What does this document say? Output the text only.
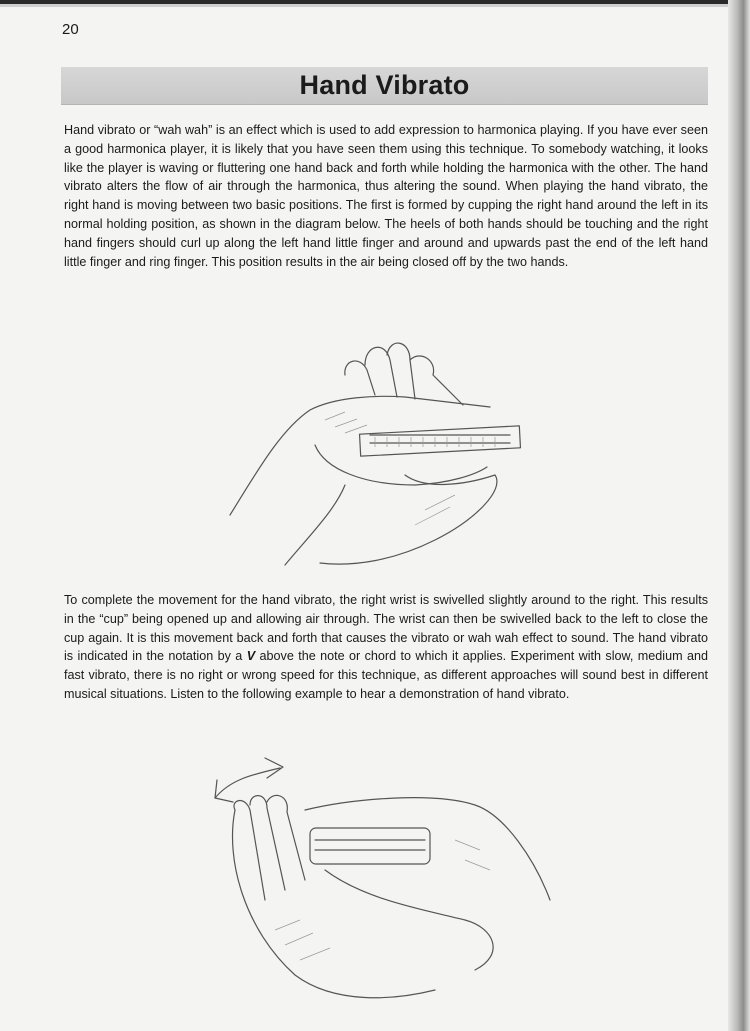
20
Hand Vibrato

Hand vibrato or “wah wah” is an effect which is used to add expression to harmonica playing. If you have ever seen a good harmonica player, it is likely that you have seen them using this technique. To somebody watching, it looks like the player is waving or fluttering one hand back and forth while holding the harmonica with the other. The hand vibrato alters the flow of air through the harmonica, thus altering the sound. When playing the hand vibrato, the right hand is moving between two basic positions. The first is formed by cupping the right hand around the left in its normal holding position, as shown in the diagram below. The heels of both hands should be touching and the right hand fingers should curl up along the left hand little finger and around and upwards past the end of the left hand little finger and ring finger. This position results in the air being closed off by the two hands.

To complete the movement for the hand vibrato, the right wrist is swivelled slightly around to the right. This results in the “cup” being opened up and allowing air through. The wrist can then be swivelled back to the left to close the cup again. It is this movement back and forth that causes the vibrato or wah wah effect to sound. The hand vibrato is indicated in the notation by a V above the note or chord to which it applies. Experiment with slow, medium and fast vibrato, there is no right or wrong speed for this technique, as different approaches will sound best in different musical situations. Listen to the following example to hear a demonstration of hand vibrato.
